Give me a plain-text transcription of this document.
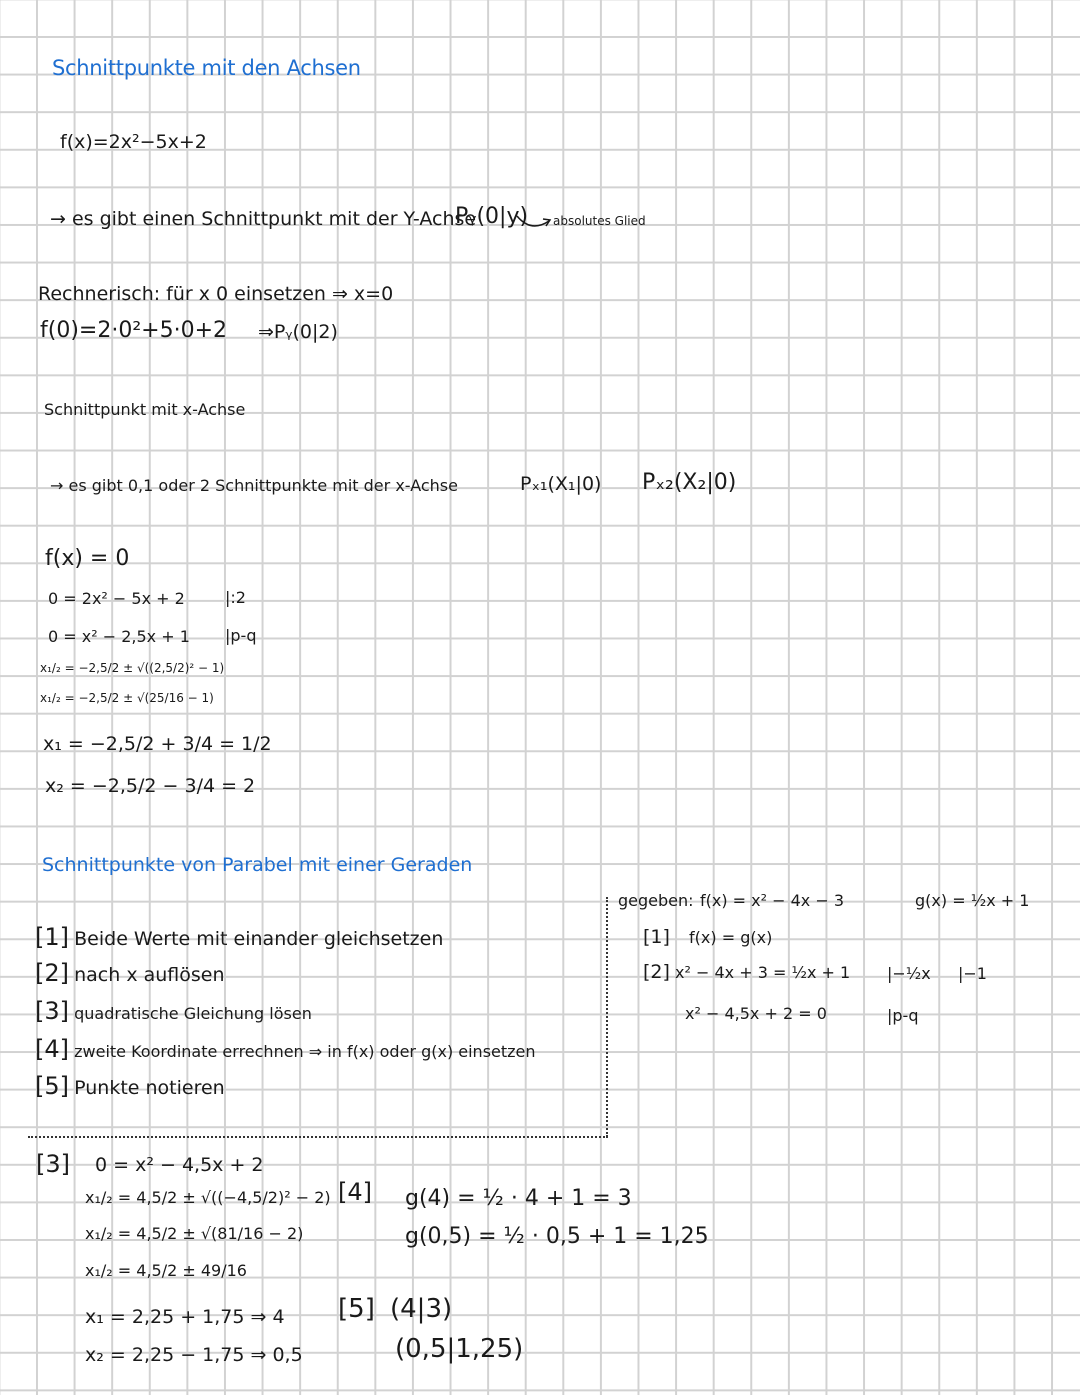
Schnittpunkte mit den Achsen
f(x)=2x²−5x+2
→ es gibt einen Schnittpunkt mit der Y-Achse
Pᵧ(0|y) absolutes Glied
Rechnerisch: für x 0 einsetzen ⇒ x=0
f(0)=2·0²+5·0+2 ⇒Pᵧ(0|2)
Schnittpunkt mit x-Achse
→ es gibt 0,1 oder 2 Schnittpunkte mit der x-Achse	Pₓ₁(X₁|0) Pₓ₂(X₂|0)
f(x) = 0
0 = 2x² − 5x + 2	|:2
0 = x² − 2,5x + 1 |p-q
x₁/₂ = −2,5/2 ± √((2,5/2)² − 1)
x₁/₂ = −2,5/2 ± √(25/16 − 1)
x₁ = −2,5/2 + 3/4 = 1/2
x₂ = −2,5/2 − 3/4 = 2
Schnittpunkte von Parabel mit einer Geraden
[1] Beide Werte mit einander gleichsetzen
[2] nach x auflösen
[3] quadratische Gleichung lösen
[4] zweite Koordinate errechnen ⇒ in f(x) oder g(x) einsetzen
[5] Punkte notieren
gegeben: f(x) = x² − 4x − 3	g(x) = ½x + 1
[1] f(x) = g(x)
[2] x² − 4x + 3 = ½x + 1 |−½x |−1
x² − 4,5x + 2 = 0	|p-q
[3] 0 = x² − 4,5x + 2
x₁/₂ = 4,5/2 ± √((−4,5/2)² − 2)
x₁/₂ = 4,5/2 ± √(81/16 − 2)
x₁/₂ = 4,5/2 ± 49/16
x₁ = 2,25 + 1,75 ⇒ 4
x₂ = 2,25 − 1,75 ⇒ 0,5
[4] g(4) = ½ · 4 + 1 = 3
g(0,5) = ½ · 0,5 + 1 = 1,25
[5] (4|3)
(0,5|1,25)
